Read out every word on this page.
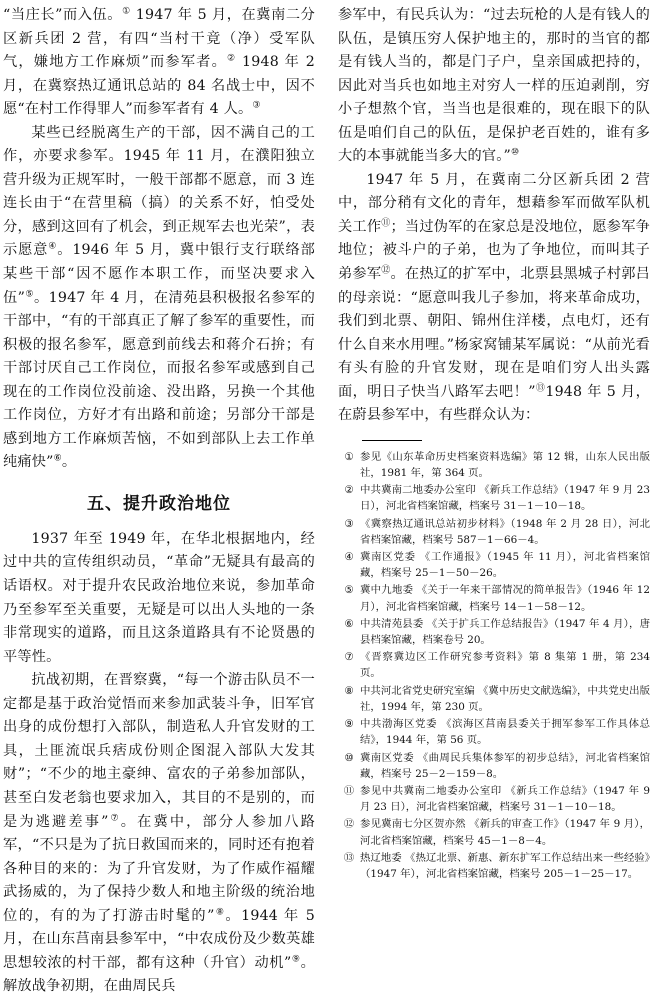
“当庄长”而入伍。① 1947 年 5 月，在冀南二分区新兵团 2 营，有四“当村干竟（净）受军队气，嫌地方工作麻烦”而参军者。② 1948 年 2 月，在冀察热辽通讯总站的 84 名战士中，因不愿“在村工作得罪人”而参军者有 4 人。③

某些已经脱离生产的干部，因不满自己的工作，亦要求参军。1945 年 11 月，在濮阳独立营升级为正规军时，一般干部都不愿意，而 3 连连长由于“在营里稿（搞）的关系不好，怕受处分，感到这回有了机会，到正规军去也光荣”，表示愿意④。1946 年 5 月，冀中银行支行联络部某些干部“因不愿作本职工作，而坚决要求入伍”⑤。1947 年 4 月，在清苑县积极报名参军的干部中，“有的干部真正了解了参军的重要性，而积极的报名参军，愿意到前线去和蒋介石拚；有干部讨厌自己工作岗位，而报名参军或感到自己现在的工作岗位没前途、没出路，另换一个其他工作岗位，方好才有出路和前途；另部分干部是感到地方工作麻烦苦恼，不如到部队上去工作单纯痛快”⑥。

五、提升政治地位

1937 年至 1949 年，在华北根据地内，经过中共的宣传组织动员，“革命”无疑具有最高的话语权。对于提升农民政治地位来说，参加革命乃至参军至关重要，无疑是可以出人头地的一条非常现实的道路，而且这条道路具有不论贤愚的平等性。

抗战初期，在晋察冀，“每一个游击队员不一定都是基于政治觉悟而来参加武装斗争，旧军官出身的成份想打入部队，制造私人升官发财的工具，土匪流氓兵痞成份则企图混入部队大发其财”；“不少的地主豪绅、富农的子弟参加部队，甚至白发老翁也要求加入，其目的不是别的，而是为逃避差事”⑦。在冀中，部分人参加八路军，“不只是为了抗日救国而来的，同时还有抱着各种目的来的：为了升官发财，为了作威作福耀武扬威的，为了保持少数人和地主阶级的统治地位的，有的为了打游击时髦的”⑧。1944 年 5 月，在山东莒南县参军中，“中农成份及少数英雄思想较浓的村干部，都有这种（升官）动机”⑨。解放战争初期，在曲周民兵

参军中，有民兵认为：“过去玩枪的人是有钱人的队伍，是镇压穷人保护地主的，那时的当官的都是有钱人当的，都是门子户，皇亲国戚把持的，因此对当兵也如地主对穷人一样的压迫剥削，穷小子想熬个官，当当也是很难的，现在眼下的队伍是咱们自己的队伍，是保护老百姓的，谁有多大的本事就能当多大的官。”⑩

1947 年 5 月，在冀南二分区新兵团 2 营中，部分稍有文化的青年，想藉参军而做军队机关工作⑪；当过伪军的在家总是没地位，愿参军争地位；被斗户的子弟，也为了争地位，而叫其子弟参军⑫。在热辽的扩军中，北票县黑城子村郭吕的母亲说：“愿意叫我儿子参加，将来革命成功，我们到北票、朝阳、锦州住洋楼，点电灯，还有什么自来水用哩。”杨家窝铺某军属说：“从前光看有头有脸的升官发财，现在是咱们穷人出头露面，明日子快当八路军去吧！”⑬1948 年 5 月，在蔚县参军中，有些群众认为：

① 参见《山东革命历史档案资料选编》第 12 辑，山东人民出版社，1981 年，第 364 页。
② 中共冀南二地委办公室印 《新兵工作总结》（1947 年 9 月 23 日），河北省档案馆藏，档案号 31－1－10－18。
③ 《冀察热辽通讯总站初步材料》（1948 年 2 月 28 日），河北省档案馆藏，档案号 587－1－66－4。
④ 冀南区党委 《工作通报》（1945 年 11 月），河北省档案馆藏，档案号 25－1－50－26。
⑤ 冀中九地委 《关于一年来干部情况的简单报告》（1946 年 12 月），河北省档案馆藏，档案号 14－1－58－12。
⑥ 中共清苑县委 《关于扩兵工作总结报告》（1947 年 4 月），唐县档案馆藏，档案卷号 20。
⑦ 《晋察冀边区工作研究参考资料》第 8 集第 1 册，第 234 页。
⑧ 中共河北省党史研究室编 《冀中历史文献选编》，中共党史出版社，1994 年，第 230 页。
⑨ 中共渤海区党委 《滨海区莒南县委关于拥军参军工作具体总结》，1944 年，第 56 页。
⑩ 冀南区党委 《曲周民兵集体参军的初步总结》，河北省档案馆藏，档案号 25－2－159－8。
⑪ 参见中共冀南二地委办公室印 《新兵工作总结》（1947 年 9 月 23 日），河北省档案馆藏，档案号 31－1－10－18。
⑫ 参见冀南七分区贺亦然 《新兵的审查工作》（1947 年 9 月），河北省档案馆藏，档案号 45－1－8－4。
⑬ 热辽地委 《热辽北票、新惠、新东扩军工作总结出来一些经验》（1947 年），河北省档案馆藏，档案号 205－1－25－17。
